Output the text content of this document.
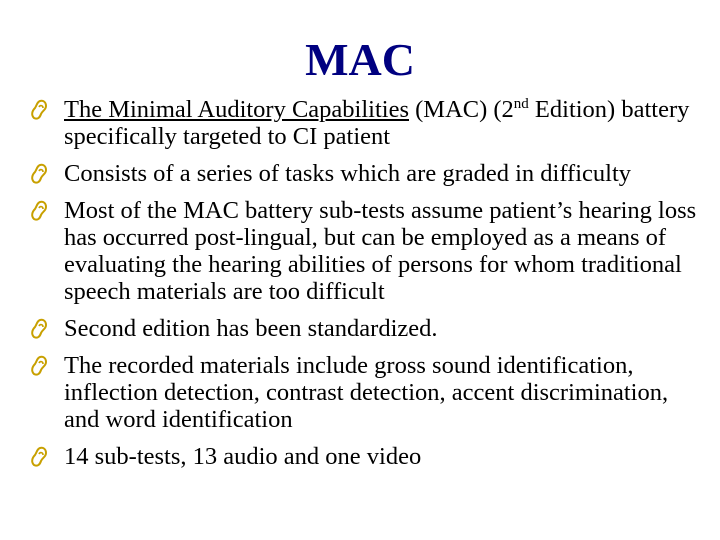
MAC
The Minimal Auditory Capabilities (MAC) (2nd Edition) battery specifically targeted to CI patient
Consists of a series of tasks which are graded in difficulty
Most of the MAC battery sub-tests assume patient’s hearing loss has occurred post-lingual, but can be employed as a means of evaluating the hearing abilities of persons for whom traditional speech materials are too difficult
Second edition has been standardized.
The recorded materials include gross sound identification, inflection detection, contrast detection, accent discrimination, and word identification
14 sub-tests, 13 audio and one video
